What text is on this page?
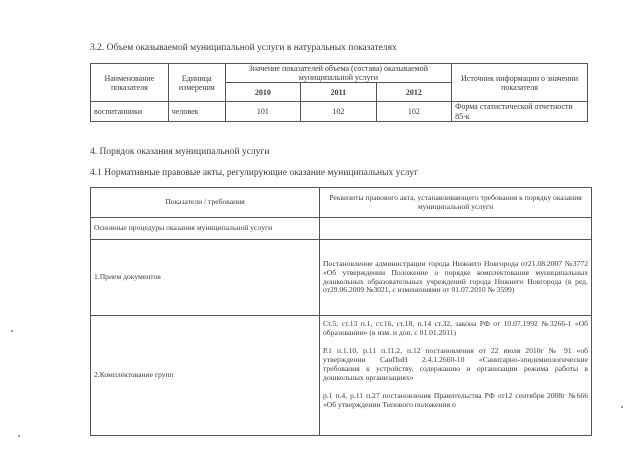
3.2. Объем оказываемой муниципальной услуги в натуральных показателях
Наименование показателя	Единица измерения	Значение показателей объема (состава) оказываемой муниципальной услуги			Источник информации о значении показателя
		2010	2011	2012	
воспитанники	человек	101	102	102	Форма статистической отчетности 85-к
4. Порядок оказания муниципальной услуги
4.1 Нормативные правовые акты, регулирующие оказание муниципальных услуг
Показатели / требования	Реквизиты правового акта, устанавливающего требования к порядку оказания муниципальной услуги
Основные процедуры оказания муниципальной услуги	
1.Прием документов	Постановление администрации города Нижнего Новгорода от21.08.2007 №3772 «Об утверждении Положение о порядке комплектования муниципальных дошкольных образовательных учреждений города Нижнего Новгорода (в ред. от29.06.2009 №3021, с изменениями от 01.07.2010 № 3599)
2.Комплектование групп	Ст.5, ст.13 п.1, ст.16, ст.18, п.14 ст.32, закона РФ от 10.07.1992 №3266-1 «Об образовании» (в изм. и доп. с 01.01.2011)
Р.1 п.1.10, р.11 п.11.2, п.12 постановления от 22 июля 2010г № 91 «об утверждении СанПиН 2.4.1.2660-10 «Санитарно-эпидемиологические требования к устройству, содержанию и организации режима работы в дошкольных организациях»
р.1 п.4, р.11 п.27 постановления Правительства РФ от12 сентября 2008г №666 «Об утверждении Типового положения о
